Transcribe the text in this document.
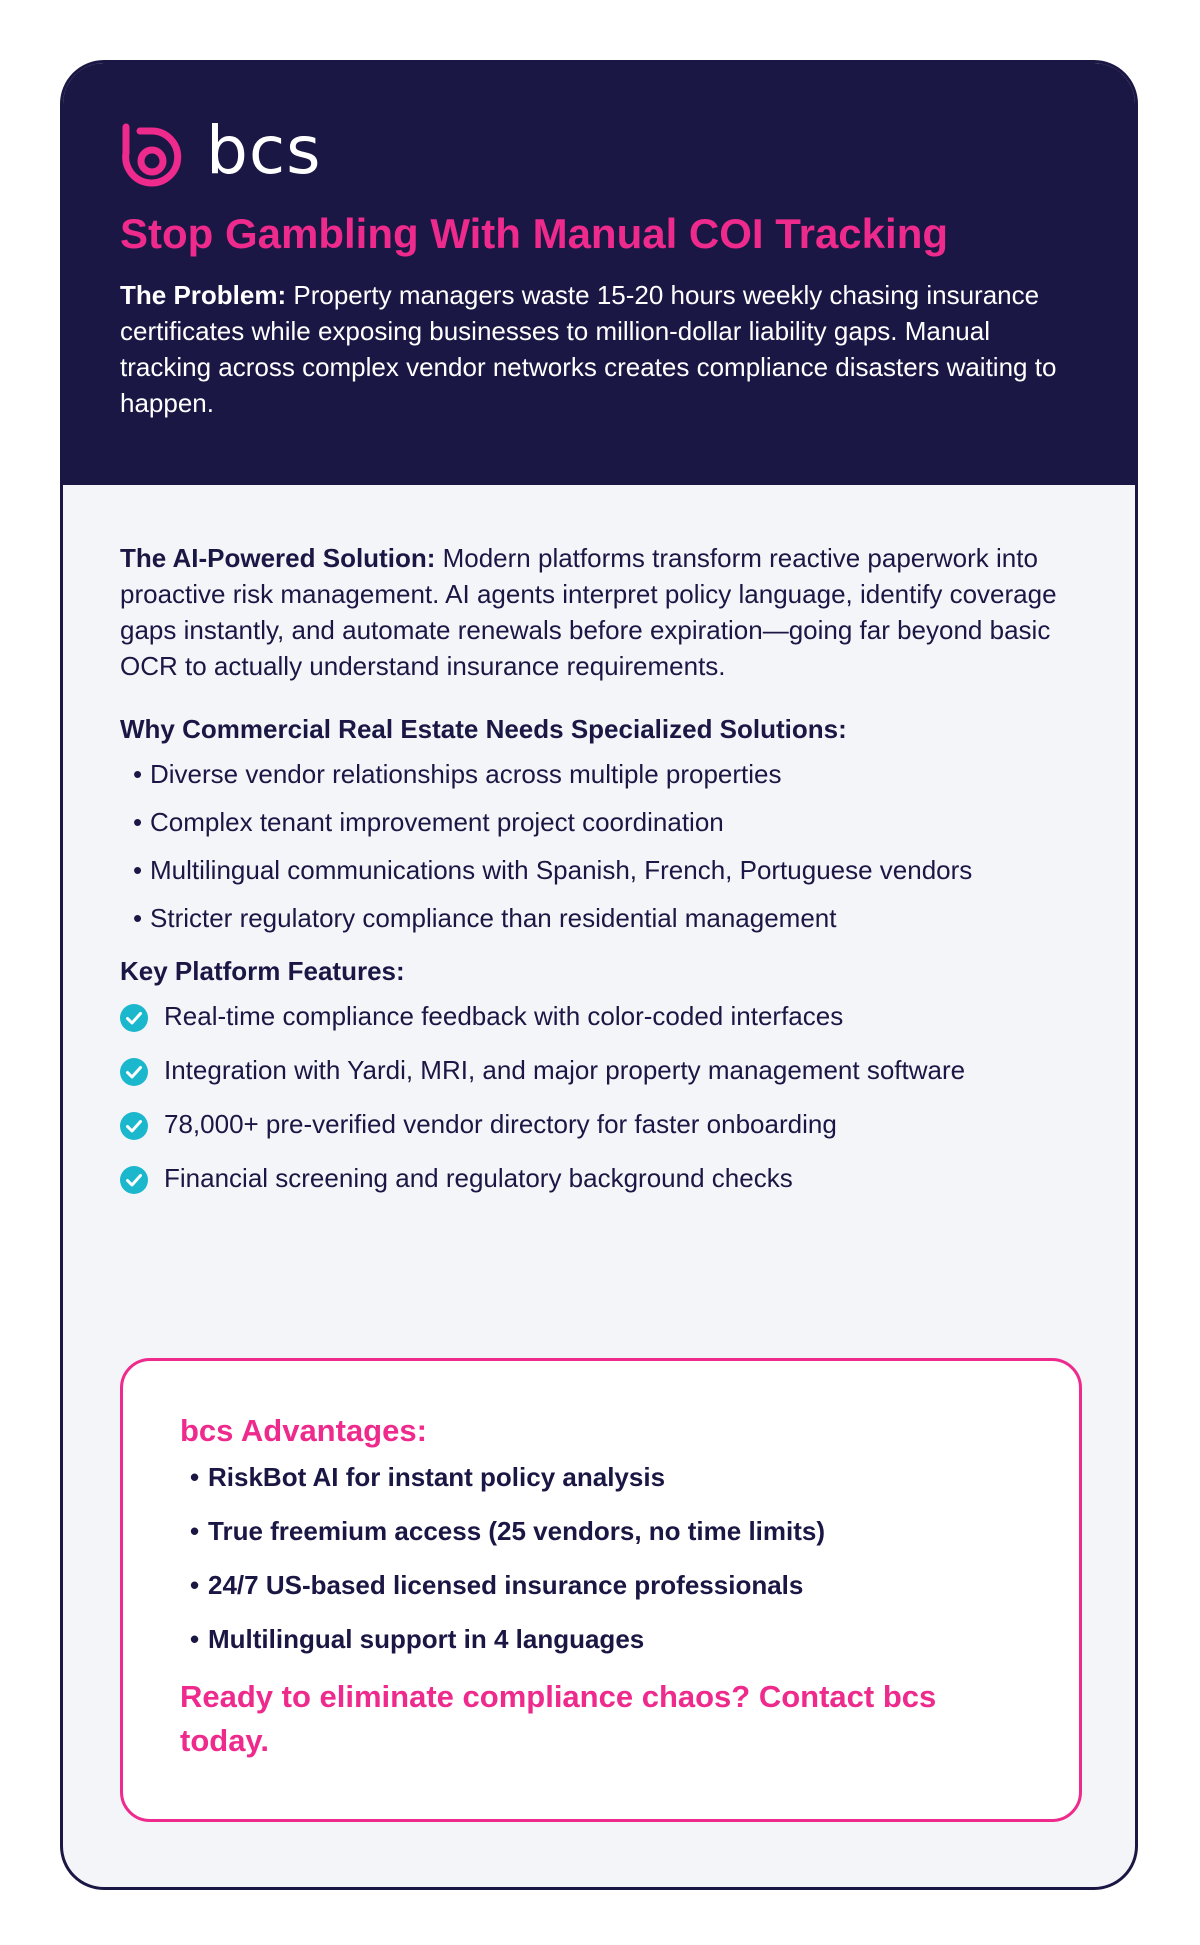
bcs
Stop Gambling With Manual COI Tracking

The Problem: Property managers waste 15-20 hours weekly chasing insurance certificates while exposing businesses to million-dollar liability gaps. Manual tracking across complex vendor networks creates compliance disasters waiting to happen.

The AI-Powered Solution: Modern platforms transform reactive paperwork into proactive risk management. AI agents interpret policy language, identify coverage gaps instantly, and automate renewals before expiration—going far beyond basic OCR to actually understand insurance requirements.

Why Commercial Real Estate Needs Specialized Solutions:
• Diverse vendor relationships across multiple properties
• Complex tenant improvement project coordination
• Multilingual communications with Spanish, French, Portuguese vendors
• Stricter regulatory compliance than residential management
Key Platform Features:
Real-time compliance feedback with color-coded interfaces
Integration with Yardi, MRI, and major property management software
78,000+ pre-verified vendor directory for faster onboarding
Financial screening and regulatory background checks
bcs Advantages:
• RiskBot AI for instant policy analysis
• True freemium access (25 vendors, no time limits)
• 24/7 US-based licensed insurance professionals
• Multilingual support in 4 languages

Ready to eliminate compliance chaos? Contact bcs today.
